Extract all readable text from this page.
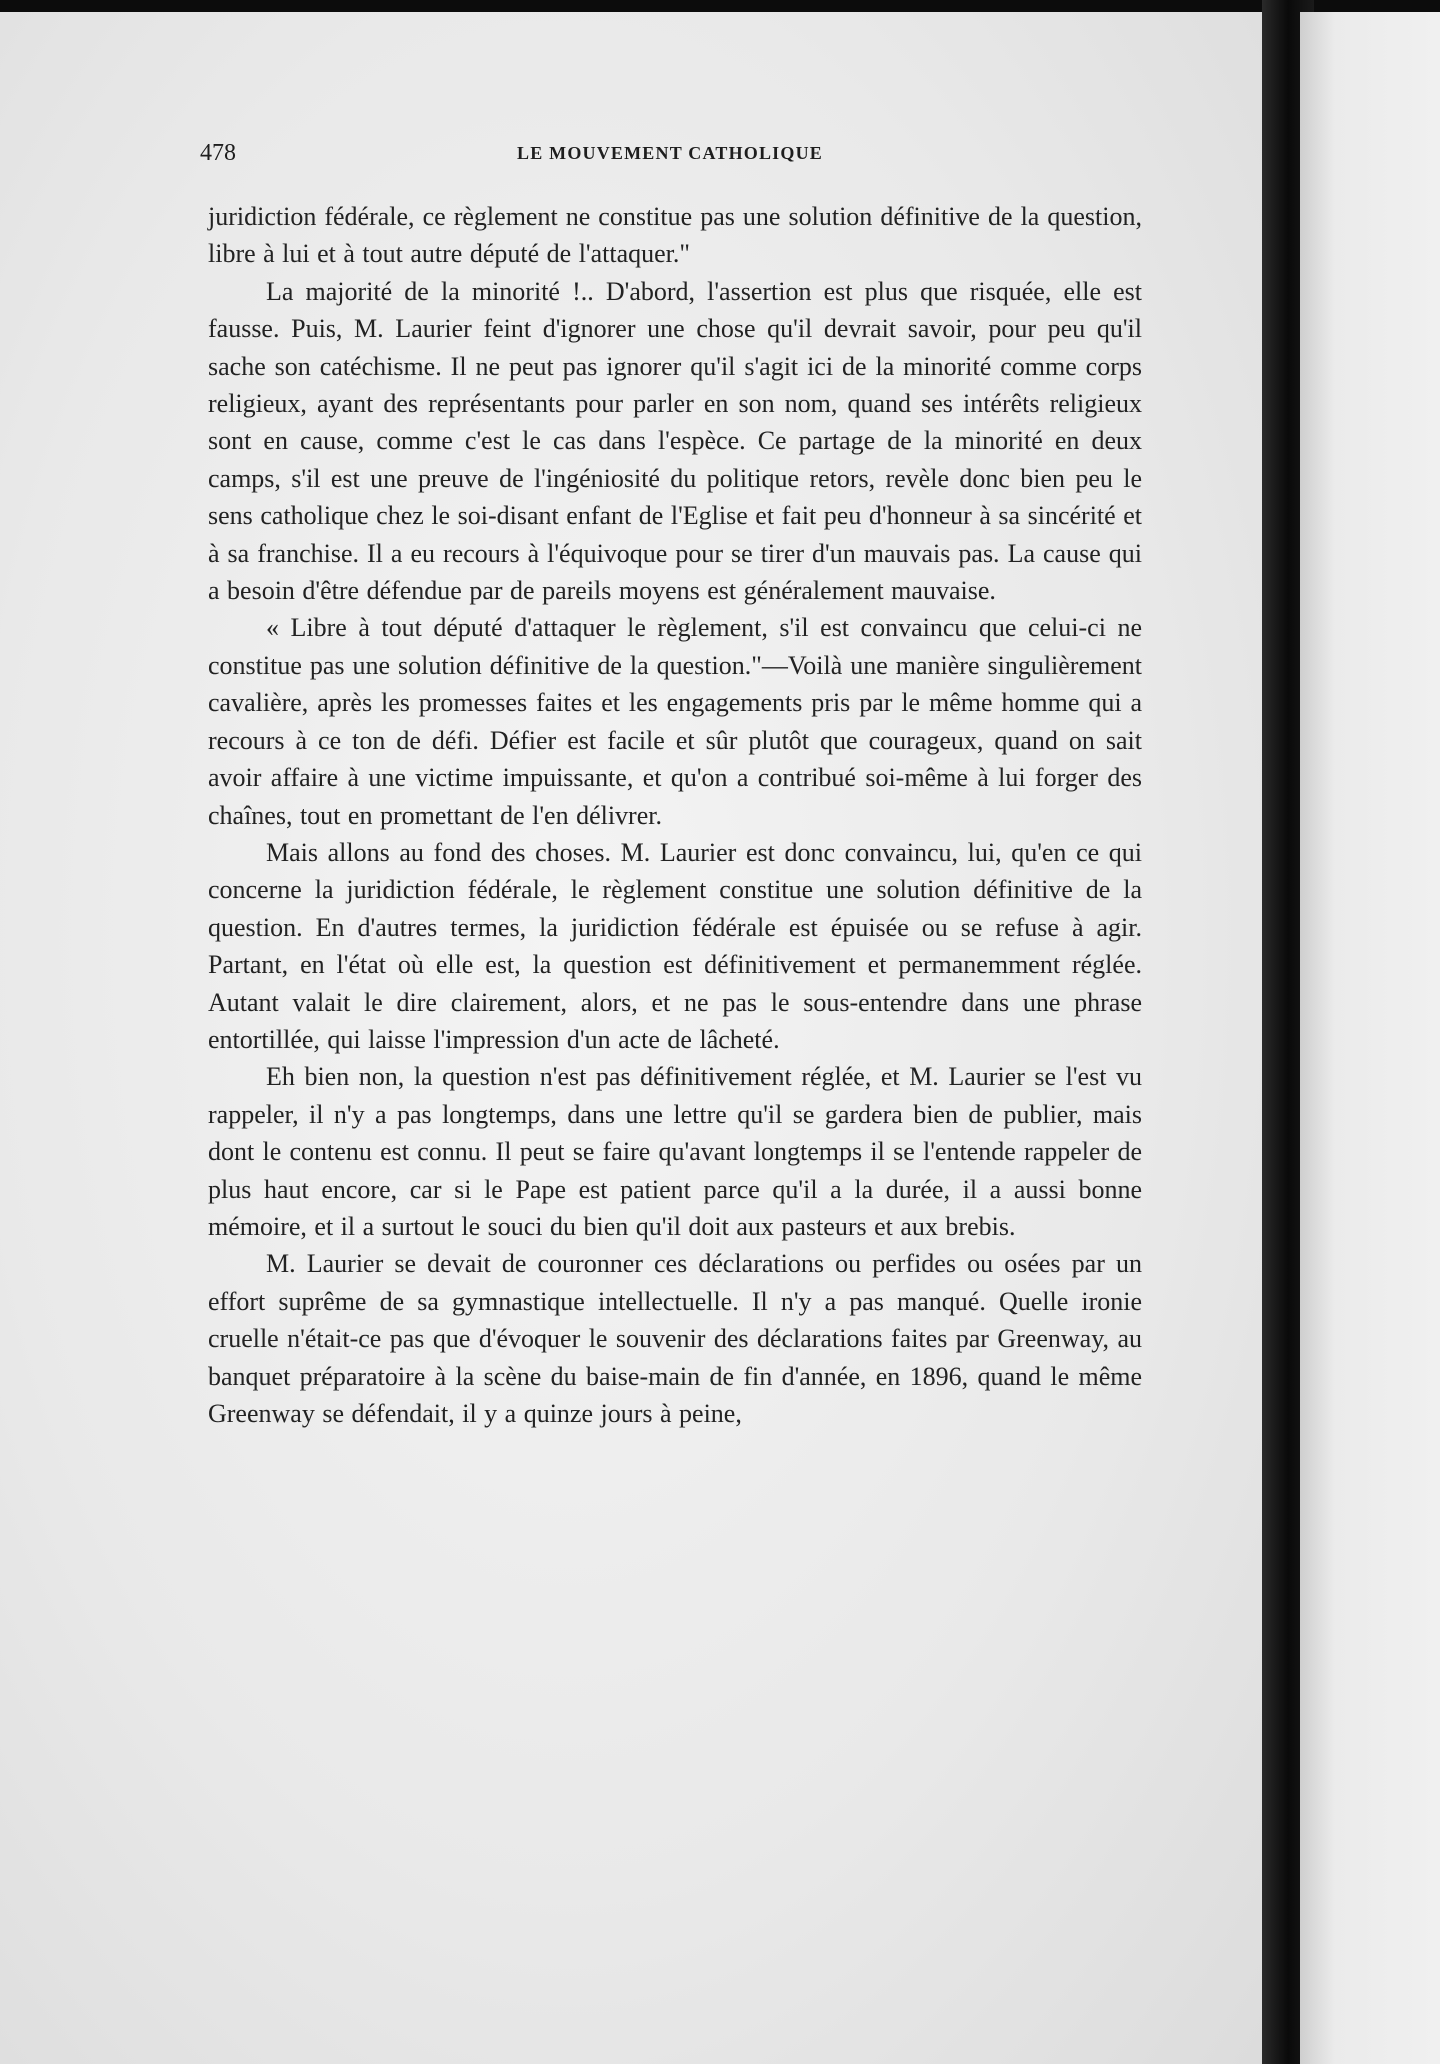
478	LE MOUVEMENT CATHOLIQUE

juridiction fédérale, ce règlement ne constitue pas une solution définitive de la question, libre à lui et à tout autre député de l'attaquer."

La majorité de la minorité !.. D'abord, l'assertion est plus que risquée, elle est fausse. Puis, M. Laurier feint d'ignorer une chose qu'il devrait savoir, pour peu qu'il sache son catéchisme. Il ne peut pas ignorer qu'il s'agit ici de la minorité comme corps religieux, ayant des représentants pour parler en son nom, quand ses intérêts religieux sont en cause, comme c'est le cas dans l'espèce. Ce partage de la minorité en deux camps, s'il est une preuve de l'ingéniosité du politique retors, revèle donc bien peu le sens catholique chez le soi-disant enfant de l'Eglise et fait peu d'honneur à sa sincérité et à sa franchise. Il a eu recours à l'équivoque pour se tirer d'un mauvais pas. La cause qui a besoin d'être défendue par de pareils moyens est généralement mauvaise.

« Libre à tout député d'attaquer le règlement, s'il est convaincu que celui-ci ne constitue pas une solution définitive de la question."—Voilà une manière singulièrement cavalière, après les promesses faites et les engagements pris par le même homme qui a recours à ce ton de défi. Défier est facile et sûr plutôt que courageux, quand on sait avoir affaire à une victime impuissante, et qu'on a contribué soi-même à lui forger des chaînes, tout en promettant de l'en délivrer.

Mais allons au fond des choses. M. Laurier est donc convaincu, lui, qu'en ce qui concerne la juridiction fédérale, le règlement constitue une solution définitive de la question. En d'autres termes, la juridiction fédérale est épuisée ou se refuse à agir. Partant, en l'état où elle est, la question est définitivement et permanemment réglée. Autant valait le dire clairement, alors, et ne pas le sous-entendre dans une phrase entortillée, qui laisse l'impression d'un acte de lâcheté.

Eh bien non, la question n'est pas définitivement réglée, et M. Laurier se l'est vu rappeler, il n'y a pas longtemps, dans une lettre qu'il se gardera bien de publier, mais dont le contenu est connu. Il peut se faire qu'avant longtemps il se l'entende rappeler de plus haut encore, car si le Pape est patient parce qu'il a la durée, il a aussi bonne mémoire, et il a surtout le souci du bien qu'il doit aux pasteurs et aux brebis.

M. Laurier se devait de couronner ces déclarations ou perfides ou osées par un effort suprême de sa gymnastique intellectuelle. Il n'y a pas manqué. Quelle ironie cruelle n'était-ce pas que d'évoquer le souvenir des déclarations faites par Greenway, au banquet préparatoire à la scène du baise-main de fin d'année, en 1896, quand le même Greenway se défendait, il y a quinze jours à peine,
